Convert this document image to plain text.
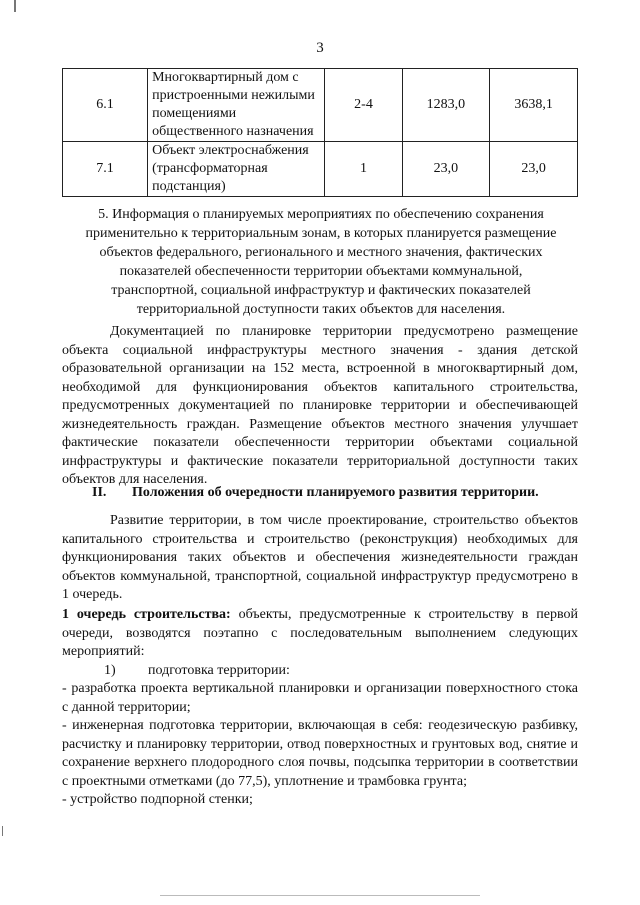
3
6.1	Многоквартирный дом с
пристроенными нежилыми
помещениями
общественного назначения	2-4	1283,0	3638,1
7.1	Объект электроснабжения
(трансформаторная
подстанция)	1	23,0	23,0
5. Информация о планируемых мероприятиях по обеспечению сохранения
применительно к территориальным зонам, в которых планируется размещение
объектов федерального, регионального и местного значения, фактических
показателей обеспеченности территории объектами коммунальной,
транспортной, социальной инфраструктур и фактических показателей
территориальной доступности таких объектов для населения.

Документацией по планировке территории предусмотрено размещение объекта социальной инфраструктуры местного значения - здания детской образовательной организации на 152 места, встроенной в многоквартирный дом, необходимой для функционирования объектов капитального строительства, предусмотренных документацией по планировке территории и обеспечивающей жизнедеятельность граждан. Размещение объектов местного значения улучшает фактические показатели обеспеченности территории объектами социальной инфраструктуры и фактические показатели территориальной доступности таких объектов для населения.

II. Положения об очередности планируемого развития территории.

Развитие территории, в том числе проектирование, строительство объектов капитального строительства и строительство (реконструкция) необходимых для функционирования таких объектов и обеспечения жизнедеятельности граждан объектов коммунальной, транспортной, социальной инфраструктур предусмотрено в 1 очередь.

1 очередь строительства: объекты, предусмотренные к строительству в первой очереди, возводятся поэтапно с последовательным выполнением следующих мероприятий:

1) подготовка территории:

- разработка проекта вертикальной планировки и организации поверхностного стока с данной территории;

- инженерная подготовка территории, включающая в себя: геодезическую разбивку, расчистку и планировку территории, отвод поверхностных и грунтовых вод, снятие и сохранение верхнего плодородного слоя почвы, подсыпка территории в соответствии с проектными отметками (до 77,5), уплотнение и трамбовка грунта;

- устройство подпорной стенки;
